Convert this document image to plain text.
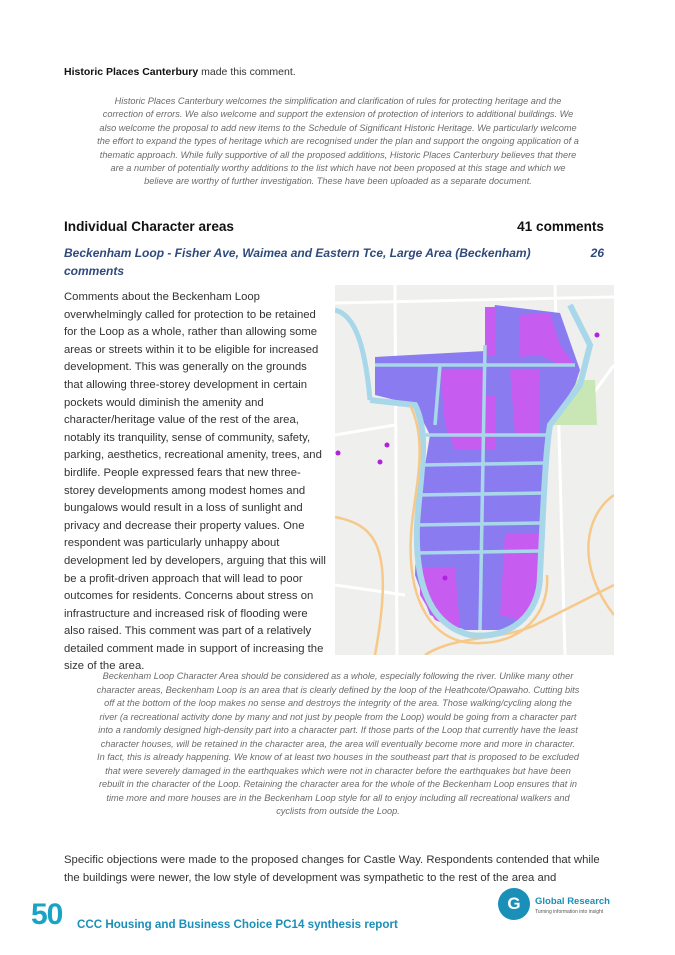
Historic Places Canterbury made this comment.

Historic Places Canterbury welcomes the simplification and clarification of rules for protecting heritage and the correction of errors. We also welcome and support the extension of protection of interiors to additional buildings. We also welcome the proposal to add new items to the Schedule of Significant Historic Heritage. We particularly welcome the effort to expand the types of heritage which are recognised under the plan and support the ongoing application of a thematic approach. While fully supportive of all the proposed additions, Historic Places Canterbury believes that there are a number of potentially worthy additions to the list which have not been proposed at this stage and which we believe are worthy of further investigation. These have been uploaded as a separate document.

Individual Character areas	41 comments
Beckenham Loop - Fisher Ave, Waimea and Eastern Tce, Large Area (Beckenham)	26

comments

Comments about the Beckenham Loop overwhelmingly called for protection to be retained for the Loop as a whole, rather than allowing some areas or streets within it to be eligible for increased development. This was generally on the grounds that allowing three-storey development in certain pockets would diminish the amenity and character/heritage value of the rest of the area, notably its tranquility, sense of community, safety, parking, aesthetics, recreational amenity, trees, and birdlife. People expressed fears that new three-storey developments among modest homes and bungalows would result in a loss of sunlight and privacy and decrease their property values. One respondent was particularly unhappy about development led by developers, arguing that this will be a profit-driven approach that will lead to poor outcomes for residents. Concerns about stress on infrastructure and increased risk of flooding were also raised. This comment was part of a relatively detailed comment made in support of increasing the size of the area.

Beckenham Loop Character Area should be considered as a whole, especially following the river. Unlike many other character areas, Beckenham Loop is an area that is clearly defined by the loop of the Heathcote/Opawaho. Cutting bits off at the bottom of the loop makes no sense and destroys the integrity of the area. Those walking/cycling along the river (a recreational activity done by many and not just by people from the Loop) would be going from a character part into a randomly designed high-density part into a character part. If those parts of the Loop that currently have the least character houses, will be retained in the character area, the area will eventually become more and more in character. In fact, this is already happening. We know of at least two houses in the southeast part that is proposed to be excluded that were severely damaged in the earthquakes which were not in character before the earthquakes but have been rebuilt in the character of the Loop. Retaining the character area for the whole of the Beckenham Loop ensures that in time more and more houses are in the Beckenham Loop style for all to enjoy including all recreational walkers and cyclists from outside the Loop.

Specific objections were made to the proposed changes for Castle Way. Respondents contended that while the buildings were newer, the low style of development was sympathetic to the rest of the area and

50 CCC Housing and Business Choice PC14 synthesis report
G	Global Research
Turning information into insight
